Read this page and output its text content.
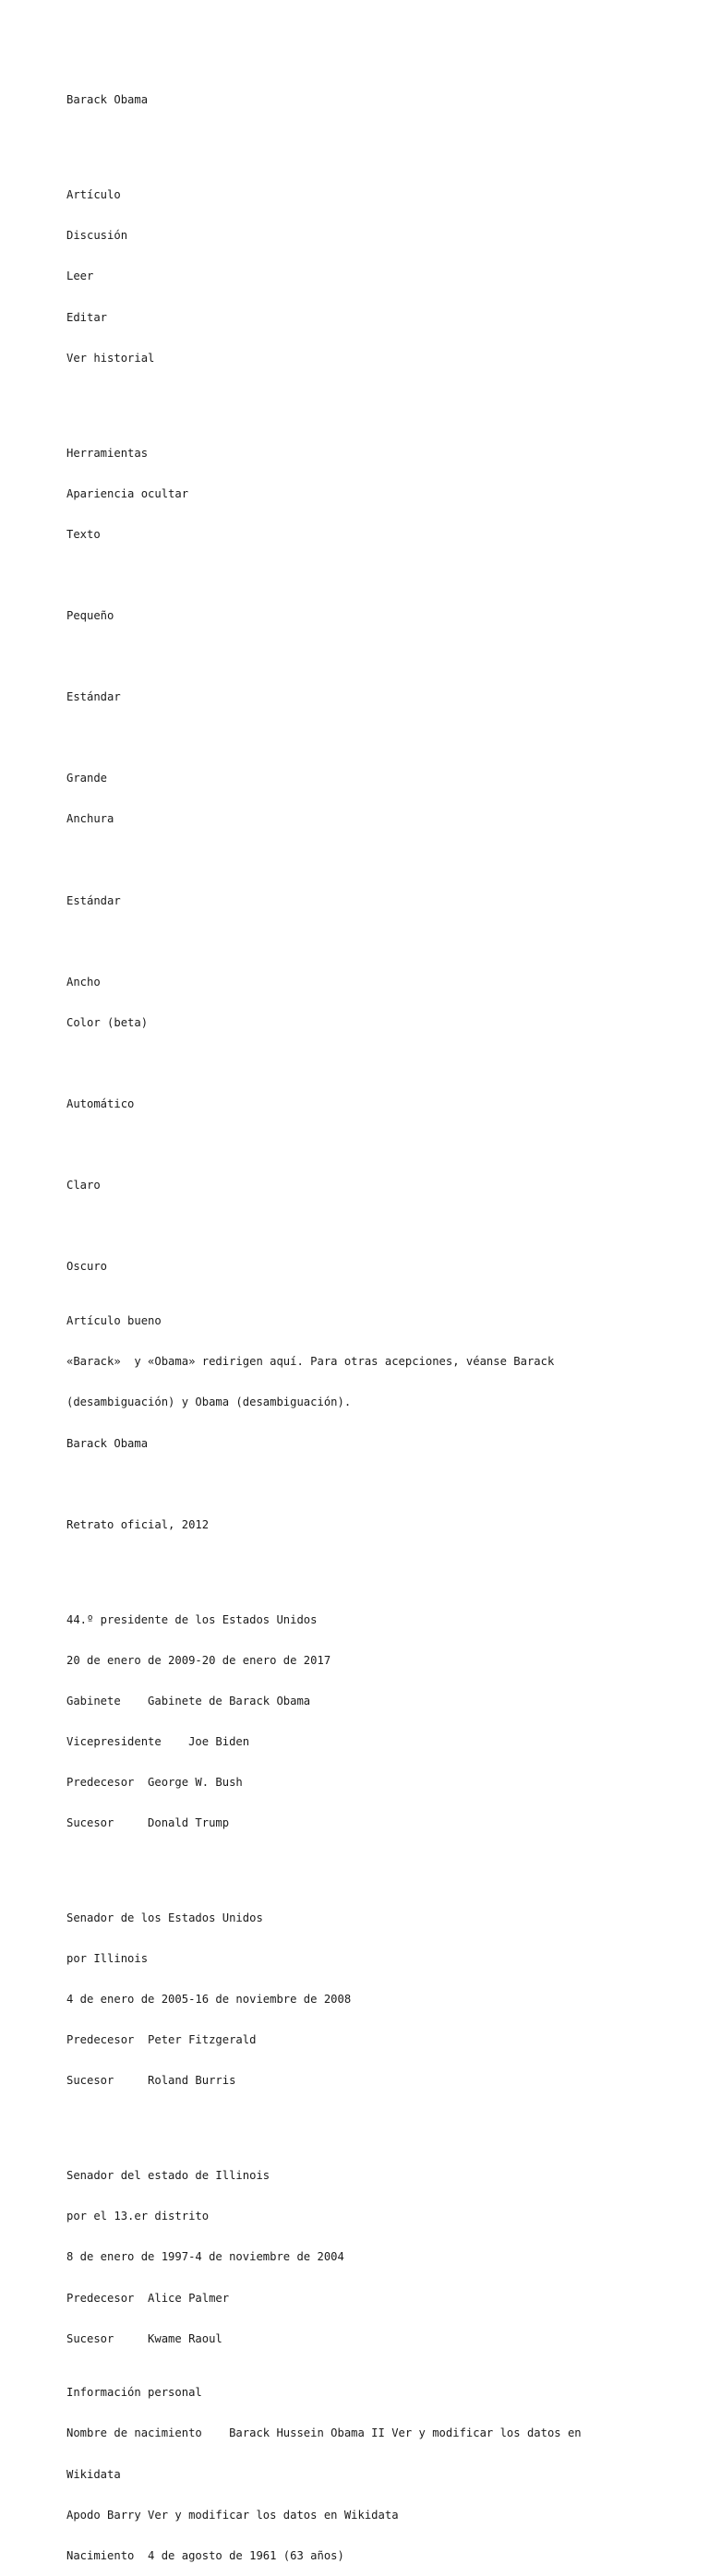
Barack Obama

Artículo

Discusión

Leer

Editar

Ver historial

Herramientas

Apariencia ocultar

Texto

Pequeño

Estándar

Grande

Anchura

Estándar

Ancho

Color (beta)

Automático

Claro

Oscuro

Artículo bueno

«Barack»  y «Obama» redirigen aquí. Para otras acepciones, véanse Barack

(desambiguación) y Obama (desambiguación).

Barack Obama

Retrato oficial, 2012

44.º presidente de los Estados Unidos

20 de enero de 2009-20 de enero de 2017

Gabinete    Gabinete de Barack Obama

Vicepresidente    Joe Biden

Predecesor  George W. Bush

Sucesor     Donald Trump

Senador de los Estados Unidos

por Illinois

4 de enero de 2005-16 de noviembre de 2008

Predecesor  Peter Fitzgerald

Sucesor     Roland Burris

Senador del estado de Illinois

por el 13.er distrito

8 de enero de 1997-4 de noviembre de 2004

Predecesor  Alice Palmer

Sucesor     Kwame Raoul

Información personal

Nombre de nacimiento    Barack Hussein Obama II Ver y modificar los datos en

Wikidata

Apodo Barry Ver y modificar los datos en Wikidata

Nacimiento  4 de agosto de 1961 (63 años)
